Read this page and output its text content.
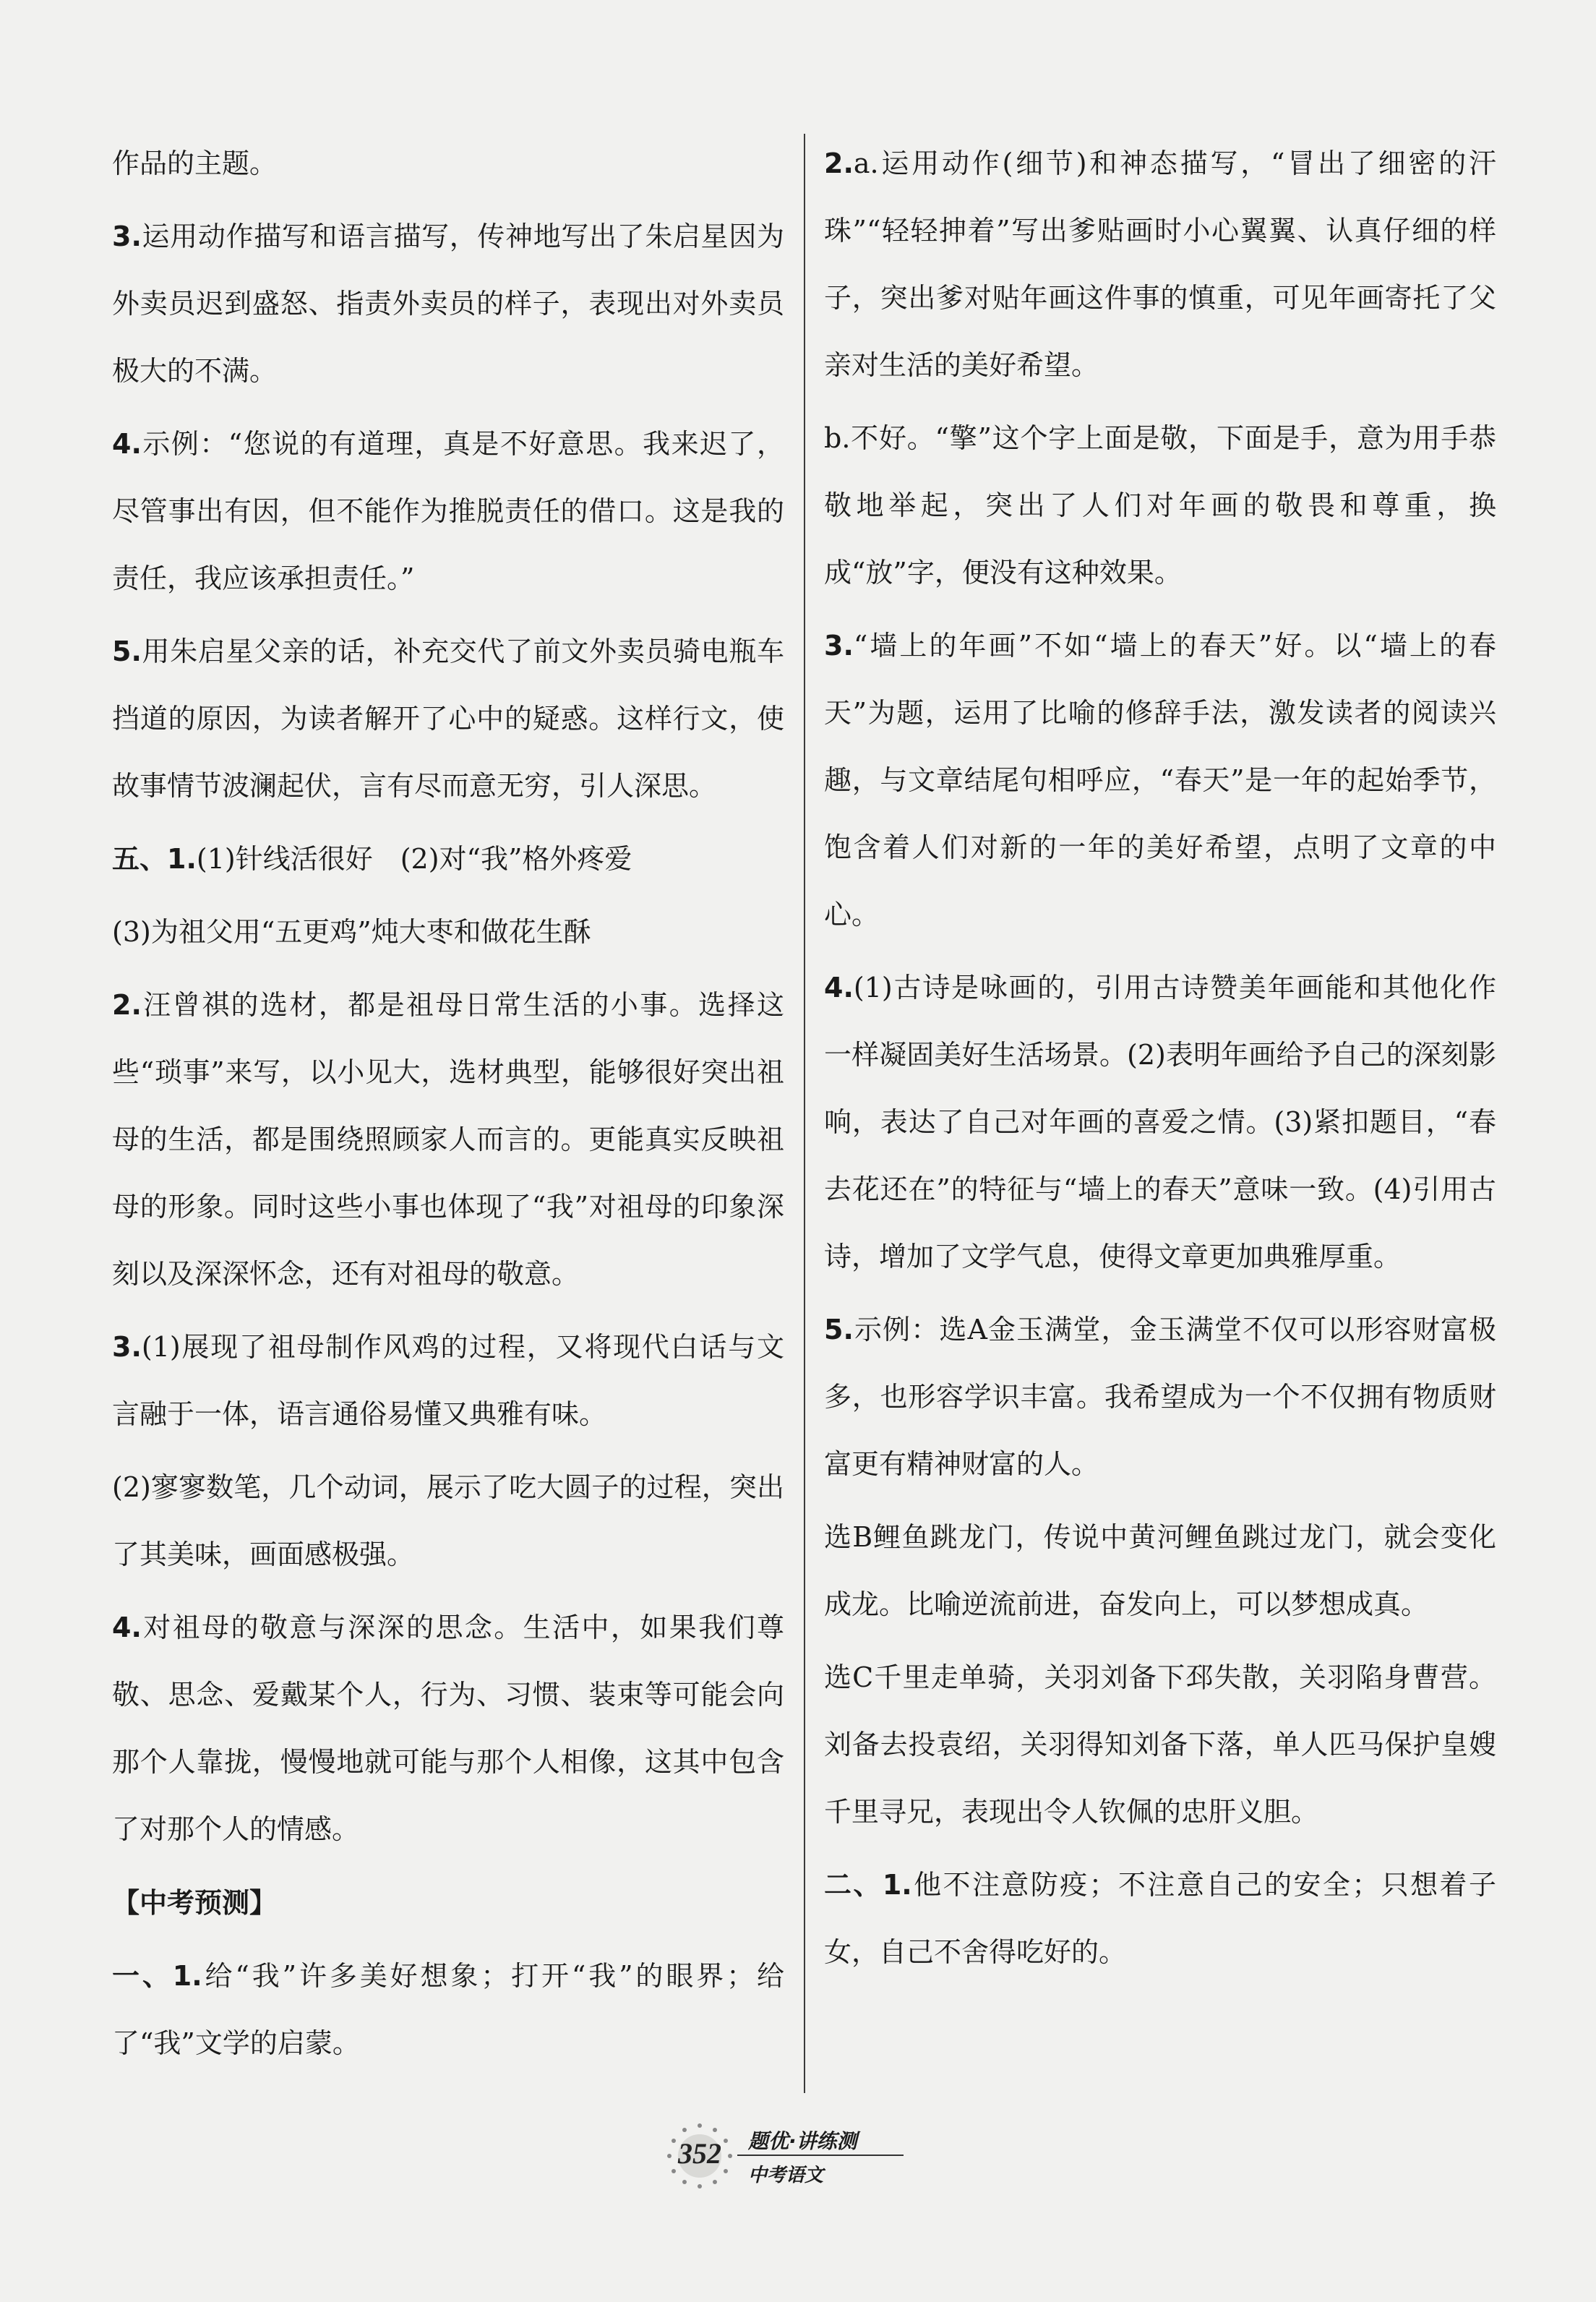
作品的主题。

3.运用动作描写和语言描写，传神地写出了朱启星因为外卖员迟到盛怒、指责外卖员的样子，表现出对外卖员极大的不满。

4.示例：“您说的有道理，真是不好意思。我来迟了，尽管事出有因，但不能作为推脱责任的借口。这是我的责任，我应该承担责任。”

5.用朱启星父亲的话，补充交代了前文外卖员骑电瓶车挡道的原因，为读者解开了心中的疑惑。这样行文，使故事情节波澜起伏，言有尽而意无穷，引人深思。

五、1.(1)针线活很好　(2)对“我”格外疼爱

(3)为祖父用“五更鸡”炖大枣和做花生酥

2.汪曾祺的选材，都是祖母日常生活的小事。选择这些“琐事”来写，以小见大，选材典型，能够很好突出祖母的生活，都是围绕照顾家人而言的。更能真实反映祖母的形象。同时这些小事也体现了“我”对祖母的印象深刻以及深深怀念，还有对祖母的敬意。

3.(1)展现了祖母制作风鸡的过程，又将现代白话与文言融于一体，语言通俗易懂又典雅有味。

(2)寥寥数笔，几个动词，展示了吃大圆子的过程，突出了其美味，画面感极强。

4.对祖母的敬意与深深的思念。生活中，如果我们尊敬、思念、爱戴某个人，行为、习惯、装束等可能会向那个人靠拢，慢慢地就可能与那个人相像，这其中包含了对那个人的情感。

【中考预测】

一、1.给“我”许多美好想象；打开“我”的眼界；给了“我”文学的启蒙。

2.a.运用动作(细节)和神态描写，“冒出了细密的汗珠”“轻轻抻着”写出爹贴画时小心翼翼、认真仔细的样子，突出爹对贴年画这件事的慎重，可见年画寄托了父亲对生活的美好希望。

b.不好。“擎”这个字上面是敬，下面是手，意为用手恭敬地举起，突出了人们对年画的敬畏和尊重，换成“放”字，便没有这种效果。

3.“墙上的年画”不如“墙上的春天”好。以“墙上的春天”为题，运用了比喻的修辞手法，激发读者的阅读兴趣，与文章结尾句相呼应，“春天”是一年的起始季节，饱含着人们对新的一年的美好希望，点明了文章的中心。

4.(1)古诗是咏画的，引用古诗赞美年画能和其他化作一样凝固美好生活场景。(2)表明年画给予自己的深刻影响，表达了自己对年画的喜爱之情。(3)紧扣题目，“春去花还在”的特征与“墙上的春天”意味一致。(4)引用古诗，增加了文学气息，使得文章更加典雅厚重。

5.示例：选A金玉满堂，金玉满堂不仅可以形容财富极多，也形容学识丰富。我希望成为一个不仅拥有物质财富更有精神财富的人。

选B鲤鱼跳龙门，传说中黄河鲤鱼跳过龙门，就会变化成龙。比喻逆流前进，奋发向上，可以梦想成真。

选C千里走单骑，关羽刘备下邳失散，关羽陷身曹营。刘备去投袁绍，关羽得知刘备下落，单人匹马保护皇嫂千里寻兄，表现出令人钦佩的忠肝义胆。

二、1.他不注意防疫；不注意自己的安全；只想着子女，自己不舍得吃好的。

352	题优·讲练测
中考语文
